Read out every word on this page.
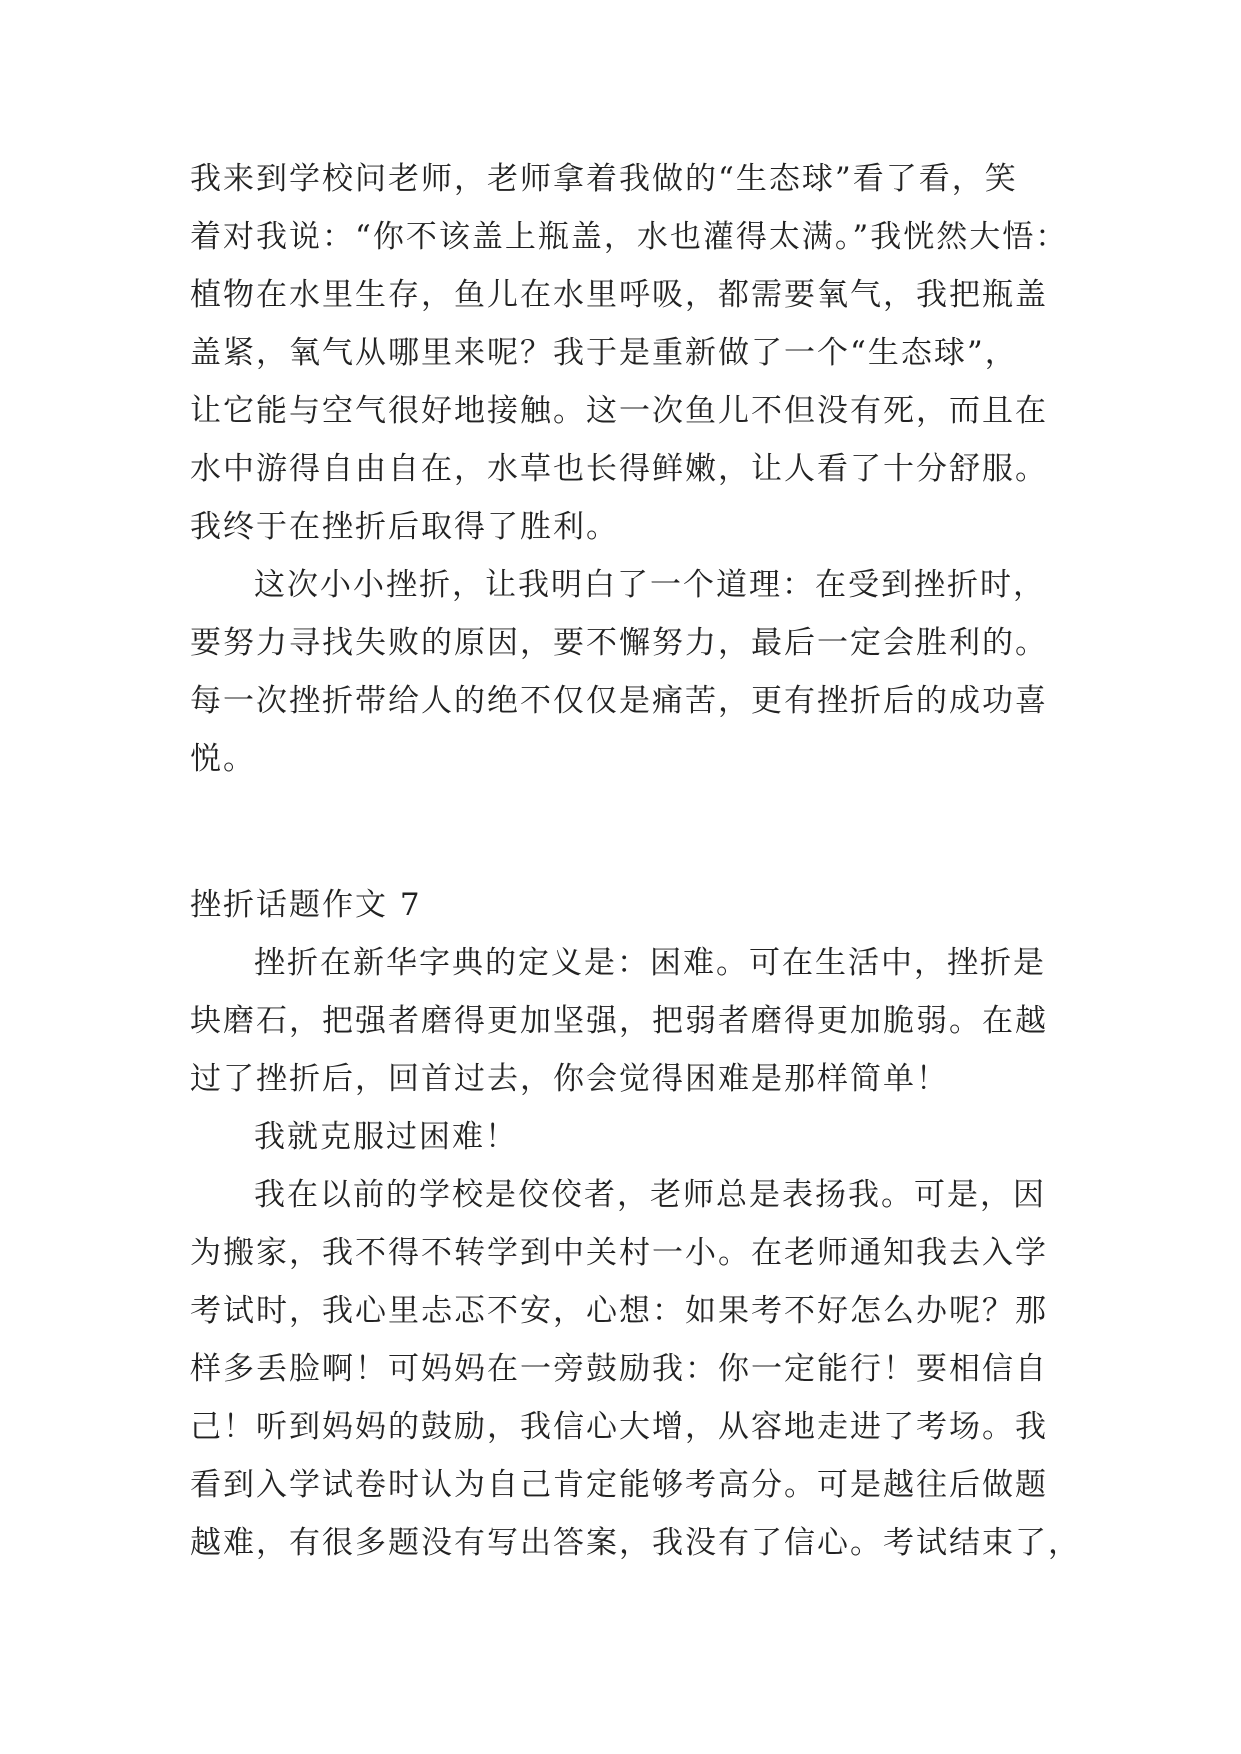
我来到学校问老师，老师拿着我做的“生态球”看了看，笑
着对我说：“你不该盖上瓶盖，水也灌得太满。”我恍然大悟：
植物在水里生存，鱼儿在水里呼吸，都需要氧气，我把瓶盖
盖紧，氧气从哪里来呢？我于是重新做了一个“生态球”，
让它能与空气很好地接触。这一次鱼儿不但没有死，而且在
水中游得自由自在，水草也长得鲜嫩，让人看了十分舒服。
我终于在挫折后取得了胜利。
这次小小挫折，让我明白了一个道理：在受到挫折时，
要努力寻找失败的原因，要不懈努力，最后一定会胜利的。
每一次挫折带给人的绝不仅仅是痛苦，更有挫折后的成功喜
悦。
挫折话题作文 7
挫折在新华字典的定义是：困难。可在生活中，挫折是
块磨石，把强者磨得更加坚强，把弱者磨得更加脆弱。在越
过了挫折后，回首过去，你会觉得困难是那样简单！
我就克服过困难！
我在以前的学校是佼佼者，老师总是表扬我。可是，因
为搬家，我不得不转学到中关村一小。在老师通知我去入学
考试时，我心里忐忑不安，心想：如果考不好怎么办呢？那
样多丢脸啊！可妈妈在一旁鼓励我：你一定能行！要相信自
己！听到妈妈的鼓励，我信心大增，从容地走进了考场。我
看到入学试卷时认为自己肯定能够考高分。可是越往后做题
越难，有很多题没有写出答案，我没有了信心。考试结束了，
